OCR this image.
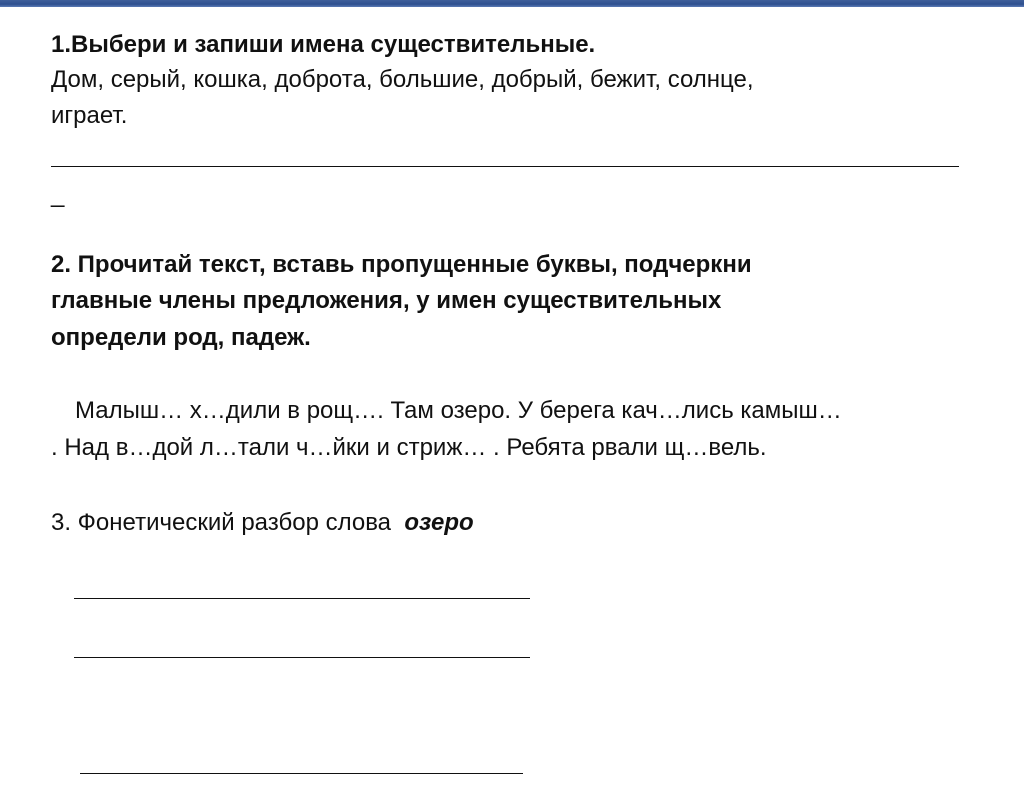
1.Выбери и запиши имена существительные.
Дом, серый, кошка, доброта, большие, добрый, бежит, солнце,
играет.
_
2. Прочитай текст, вставь пропущенные буквы, подчеркни
главные члены предложения, у имен существительных
определи род, падеж.
Малыш… х…дили в рощ…. Там озеро. У берега кач…лись камыш…
. Над в…дой л…тали ч…йки и стриж… . Ребята рвали щ…вель.
3. Фонетический разбор слова озеро
